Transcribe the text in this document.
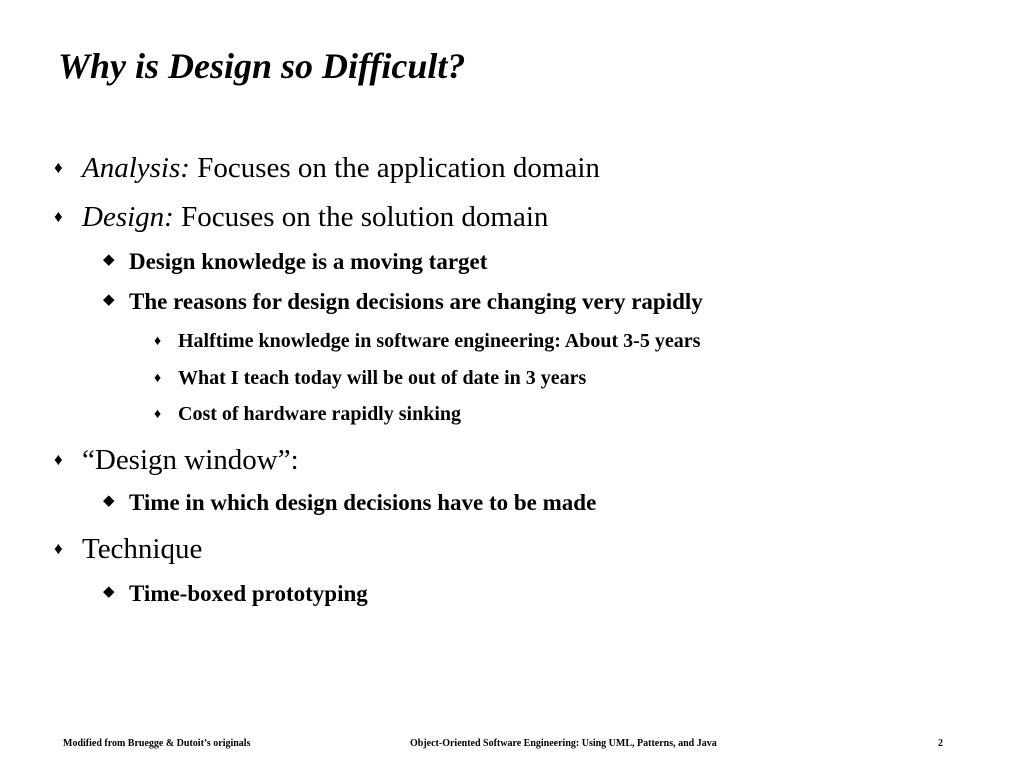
Why is Design so Difficult?
♦ Analysis: Focuses on the application domain
♦ Design: Focuses on the solution domain
◆ Design knowledge is a moving target
◆ The reasons for design decisions are changing very rapidly
♦ Halftime knowledge in software engineering: About 3-5 years
♦ What I teach today will be out of date in 3 years
♦ Cost of hardware rapidly sinking
♦ “Design window”:
◆ Time in which design decisions have to be made
♦ Technique
◆ Time-boxed prototyping
Modified from Bruegge & Dutoit’s originals	Object-Oriented Software Engineering: Using UML, Patterns, and Java	2
